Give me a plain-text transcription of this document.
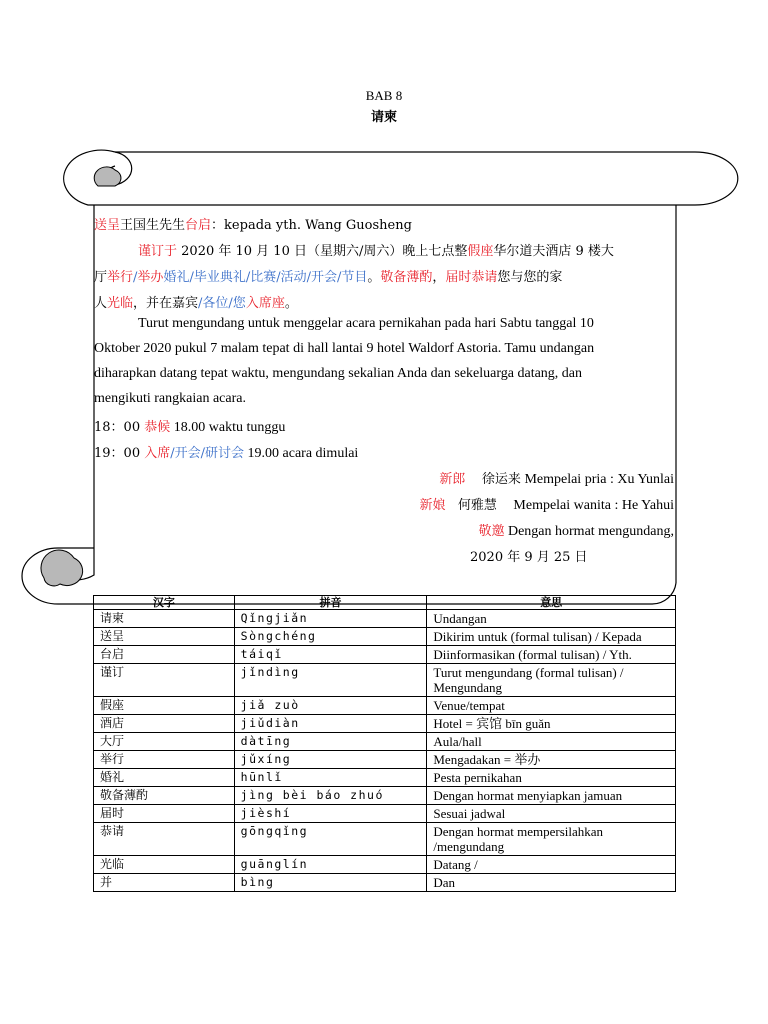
BAB 8
请柬
送呈王国生先生台启：kepada yth. Wang Guosheng
谨订于 2020 年 10 月 10 日（星期六/周六）晚上七点整假座华尔道夫酒店 9 楼大
厅举行/举办婚礼/毕业典礼/比赛/活动/开会/节目。敬备薄酌，届时恭请您与您的家
人光临，并在嘉宾/各位/您入席座。
Turut mengundang untuk menggelar acara pernikahan pada hari Sabtu tanggal 10
Oktober 2020 pukul 7 malam tepat di hall lantai 9 hotel Waldorf Astoria. Tamu undangan
diharapkan datang tepat waktu, mengundang sekalian Anda dan sekeluarga datang, dan
mengikuti rangkaian acara.
18：00 恭候 18.00 waktu tunggu
19：00 入席/开会/研讨会 19.00 acara dimulai
新郎 徐运来 Mempelai pria : Xu Yunlai
新娘 何雅慧 Mempelai wanita : He Yahui
敬邀 Dengan hormat mengundang,
2020 年 9 月 25 日
汉字	拼音	意思
请柬	Qǐngjiǎn	Undangan
送呈	Sòngchéng	Dikirim untuk (formal tulisan) / Kepada
台启	táiqǐ	Diinformasikan (formal tulisan) / Yth.
谨订	jǐndìng	Turut mengundang (formal tulisan) / Mengundang
假座	jiǎ zuò	Venue/tempat
酒店	jiǔdiàn	Hotel = 宾馆 bīn guǎn
大厅	dàtīng	Aula/hall
举行	jǔxíng	Mengadakan = 举办
婚礼	hūnlǐ	Pesta pernikahan
敬备薄酌	jìng bèi báo zhuó	Dengan hormat menyiapkan jamuan
届时	jièshí	Sesuai jadwal
恭请	gōngqǐng	Dengan hormat mempersilahkan /mengundang
光临	guānglín	Datang /
并	bìng	Dan
